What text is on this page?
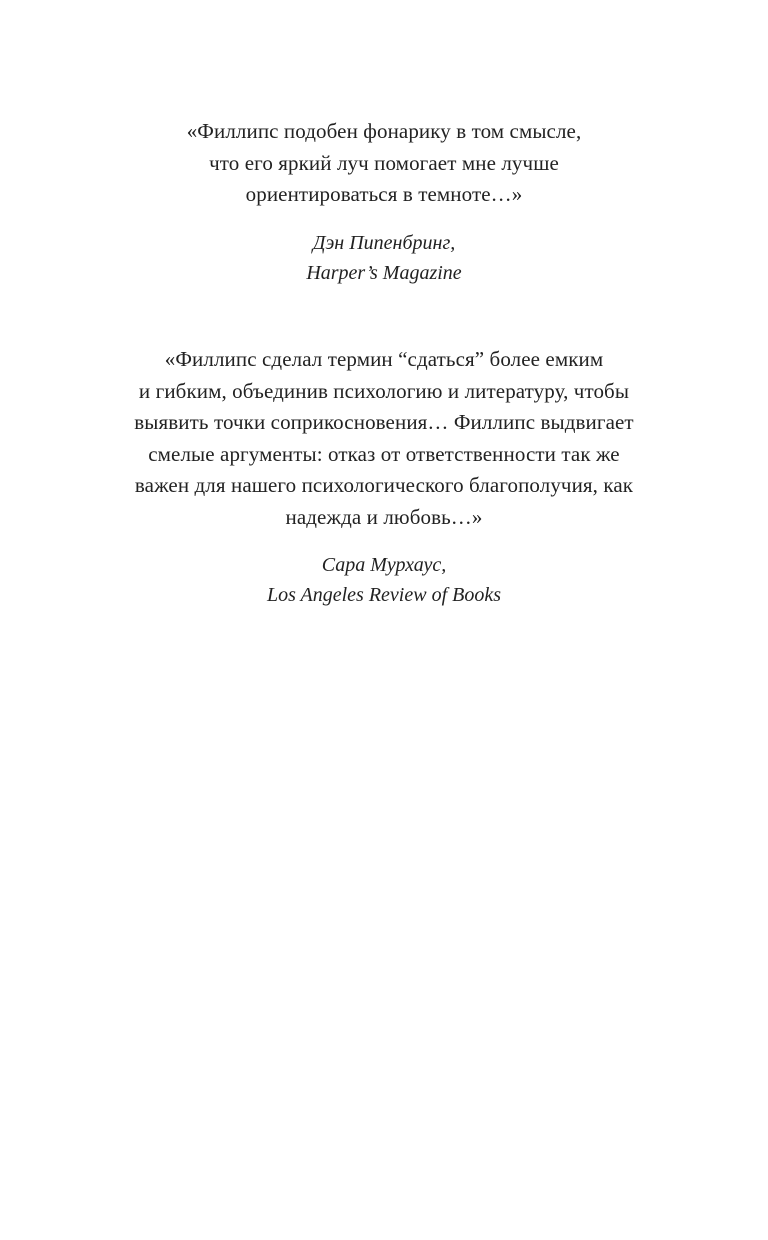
«Филлипс подобен фонарику в том смысле,
что его яркий луч помогает мне лучше
ориентироваться в темноте…»
Дэн Пипенбринг,
Harper’s Magazine
«Филлипс сделал термин “сдаться” более емким
и гибким, объединив психологию и литературу, чтобы
выявить точки соприкосновения… Филлипс выдвигает
смелые аргументы: отказ от ответственности так же
важен для нашего психологического благополучия, как
надежда и любовь…»
Сара Мурхаус,
Los Angeles Review of Books
